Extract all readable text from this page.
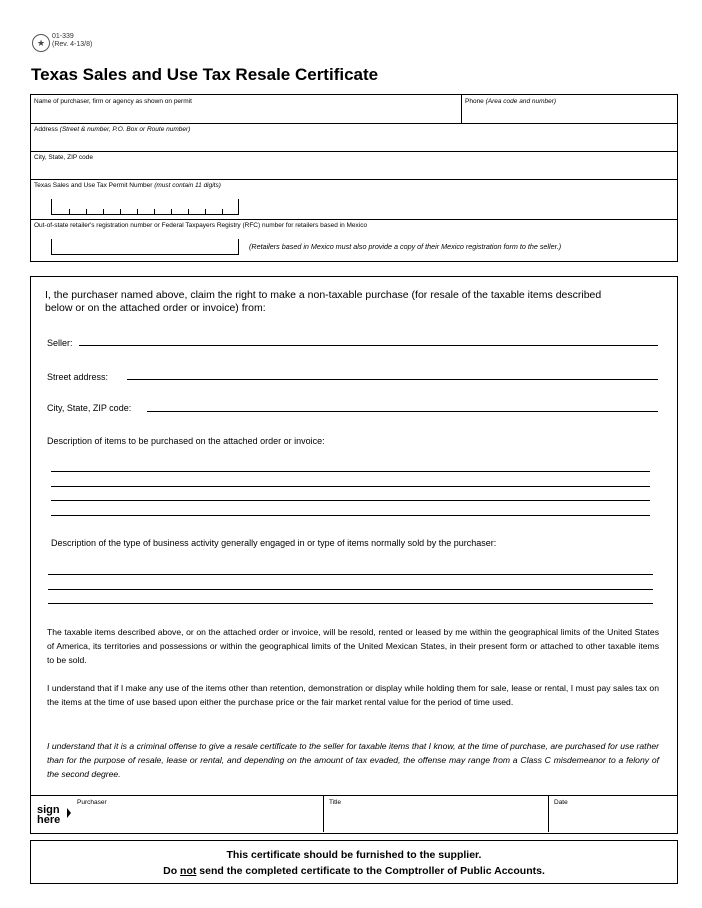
★
01-339
(Rev. 4-13/8)
Texas Sales and Use Tax Resale Certificate
Name of purchaser, firm or agency as shown on permit	Phone (Area code and number)
Address (Street & number, P.O. Box or Route number)
City, State, ZIP code
Texas Sales and Use Tax Permit Number (must contain 11 digits)
Out-of-state retailer's registration number or Federal Taxpayers Registry (RFC) number for retailers based in Mexico
(Retailers based in Mexico must also provide a copy of their Mexico registration form to the seller.)
I, the purchaser named above, claim the right to make a non-taxable purchase (for resale of the taxable items described below or on the attached order or invoice) from:
Seller:
Street address:
City, State, ZIP code:
Description of items to be purchased on the attached order or invoice:
Description of the type of business activity generally engaged in or type of items normally sold by the purchaser:
The taxable items described above, or on the attached order or invoice, will be resold, rented or leased by me within the geographical limits of the United States of America, its territories and possessions or within the geographical limits of the United Mexican States, in their present form or attached to other taxable items to be sold.
I understand that if I make any use of the items other than retention, demonstration or display while holding them for sale, lease or rental, I must pay sales tax on the items at the time of use based upon either the purchase price or the fair market rental value for the period of time used.
I understand that it is a criminal offense to give a resale certificate to the seller for taxable items that I know, at the time of purchase, are purchased for use rather than for the purpose of resale, lease or rental, and depending on the amount of tax evaded, the offense may range from a Class C misdemeanor to a felony of the second degree.
sign
here
Purchaser	Title	Date
This certificate should be furnished to the supplier.
Do not send the completed certificate to the Comptroller of Public Accounts.
